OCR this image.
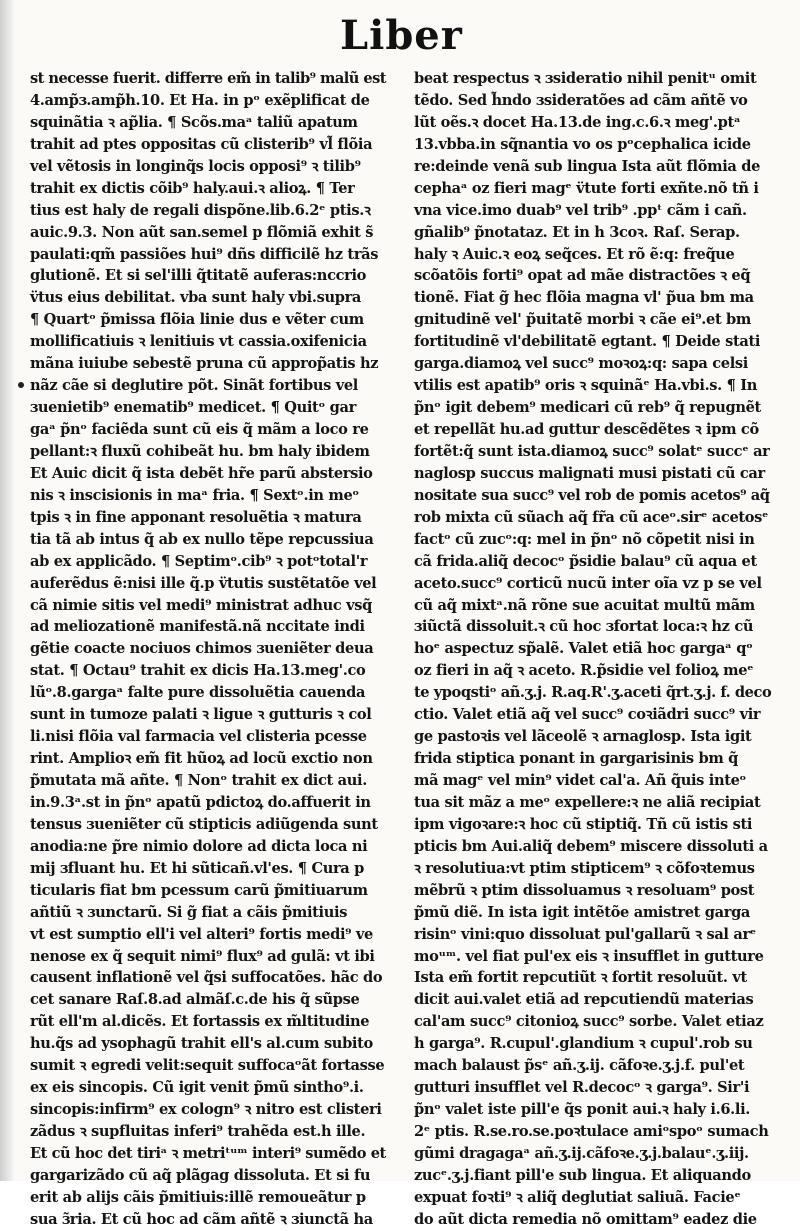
Liber
st necesse fuerit. differre em̃ in talib⁹ malũ est
4.amp̃ɜ.amp̃h.10. Et Ha. in pᵒ exẽplificat de
squinãtia ꝛ ap̃lia. ¶ Scõs.maᵃ taliũ apatum
trahit ad ptes oppositas cũ clisterib⁹ vl̃ flõia
vel vẽtosis in longinq̃s locis opposi⁹ ꝛ tilib⁹
trahit ex dictis cõib⁹ haly.aui.ꝛ alioꝝ. ¶ Ter
tius est haly de regali dispõne.lib.6.2ᵉ ptis.ꝛ
auic.9.3. Non aũt san.semel p flõmiã exhit s̃
paulati:qm̃ passiões hui⁹ dñs difficilẽ hz trãs
glutionẽ. Et si sel'illi q̃titatẽ auferas:nccrio
v̈tus eius debilitat. vba sunt haly vbi.supra
¶ Quartᵒ p̃missa flõia linie dus e vẽter cum
mollificatiuis ꝛ lenitiuis vt cassia.oxifenicia
mãna iuiube sebestẽ pruna cũ approp̃atis hz
nãz cãe si deglutire põt. Sinãt fortibus vel
ɜuenietib⁹ enematib⁹ medicet. ¶ Quitᵒ gar
gaᵃ p̃nᵒ faciẽda sunt cũ eis q̃ mãm a loco re
pellant:ꝛ fluxũ cohibeãt hu. bm haly ibidem
Et Auic dicit q̃ ista debẽt hr̃e parũ abstersio
nis ꝛ inscisionis in maᵃ fria. ¶ Sextᵒ.in meᵒ
tpis ꝛ in fine apponant resoluẽtia ꝛ matura
tia tã ab intus q̃ ab ex nullo tẽpe repcussiua
ab ex applicãdo. ¶ Septimᵒ.cib⁹ ꝛ potᵒtotal'r
auferẽdus ẽ:nisi ille q̃.p v̈tutis sustẽtatõe vel
cã nimie sitis vel medi⁹ ministrat adhuc vsq̃
ad meliozationẽ manifestã.nã nccitate indi
gẽtie coacte nociuos chimos ɜueniẽter deua
stat. ¶ Octau⁹ trahit ex dicis Ha.13.meg'.co
lũᵒ.8.gargaᵃ falte pure dissoluẽtia cauenda
sunt in tumoze palati ꝛ ligue ꝛ gutturis ꝛ col
li.nisi flõia val farmacia vel clisteria pcesse
rint. Amplioꝛ em̃ fit hũoꝝ ad locũ exctio non
p̃mutata mã añte. ¶ Nonᵒ trahit ex dict aui.
in.9.3ᵃ.st in p̃nᵒ apatũ pdictoꝝ do.affuerit in
tensus ɜueniẽter cũ stipticis adiũgenda sunt
anodia:ne p̃re nimio dolore ad dicta loca ni
mij ɜfluant hu. Et hi sũticañ.vl'es. ¶ Cura p
ticularis fiat bm pcessum carũ p̃mitiuarum
añtiũ ꝛ ɜunctarũ. Si g̃ fiat a cãis p̃mitiuis
vt est sumptio ell'i vel alteri⁹ fortis medi⁹ ve
nenose ex q̃ sequit nimi⁹ flux⁹ ad gulã: vt ibi
causent inflationẽ vel q̃si suffocatões. hãc do
cet sanare Raſ.8.ad almãſ.c.de his q̃ sũpse
rũt ell'm al.dicẽs. Et fortassis ex m̃ltitudine
hu.q̃s ad ysophagũ trahit ell's al.cum subito
sumit ꝛ egredi velit:sequit suffocaᵒãt fortasse
ex eis sincopis. Cũ igit venit p̃mũ sintho⁹.i.
sincopis:infirm⁹ ex cologn⁹ ꝛ nitro est clisteri
zãdus ꝛ supfluitas inferi⁹ trahẽda est.h ille.
Et cũ hoc det tiriᵃ ꝛ metriᵗᵘᵐ interi⁹ sumẽdo et
gargarizãdo cũ aq̃ plãgag dissoluta. Et si fu
erit ab alijs cãis p̃mitiuis:illẽ remoueãtur p
sua ɜ̃ria. Et cũ hoc ad cãm añtẽ ꝛ ɜiunctã ha
beat respectus ꝛ ɜsideratio nihil penitᵘ omit
tẽdo. Sed h̃ndo ɜsideratões ad cãm añtẽ vo
lũt oẽs.ꝛ docet Ha.13.de ing.c.6.ꝛ meg'.ptᵃ
13.vbba.in sq̃nantia vo os pᵒcephalica icide
re:deinde venã sub lingua Ista aũt flõmia de
cephaᵃ oz fieri magᵉ v̈tute forti exñte.nõ tñ i
vna vice.imo duab⁹ vel trib⁹ .ppᵗ cãm i cañ.
gñalib⁹ p̃notataz. Et in h 3coꝛ. Raſ. Serap.
haly ꝛ Auic.ꝛ eoꝝ seq̃ces. Et rõ ẽ:q: freq̃ue
scõatõis forti⁹ opat ad mãe distractões ꝛ eq̃
tionẽ. Fiat g̃ hec flõia magna vl' p̃ua bm ma
gnitudinẽ vel' p̃uitatẽ morbi ꝛ cãe ei⁹.et bm
fortitudinẽ vl'debilitatẽ egtant. ¶ Deide stati
garga.diamoꝝ vel succ⁹ moꝛoꝝ:q: sapa celsi
vtilis est apatib⁹ oris ꝛ squinãᵉ Ha.vbi.s. ¶ In
p̃nᵒ igit debem⁹ medicari cũ reb⁹ q̃ repugnẽt
et repellãt hu.ad guttur descẽdẽtes ꝛ ipm cõ
fortẽt:q̃ sunt ista.diamoꝝ succ⁹ solatᵉ succᵉ ar
naglosp succus malignati musi pistati cũ car
nositate sua succ⁹ vel rob de pomis acetos⁹ aq̃
rob mixta cũ sũach aq̃ fr̃a cũ aceᵒ.sirᵉ acetosᵉ
factᵒ cũ zucᵒ:q: mel in p̃nᵒ nõ cõpetit nisi in
cã frida.aliq̃ decocᵒ p̃sidie balau⁹ cũ aqua et
aceto.succ⁹ corticũ nucũ inter oĩa vz p se vel
cũ aq̃ mixtᵃ.nã rõne sue acuitat multũ mãm
ɜiũctã dissoluit.ꝛ cũ hoc ɜfortat loca:ꝛ hz cũ
hoᵉ aspectuz sp̃alẽ. Valet etiã hoc gargaᵃ qᵒ
oz fieri in aq̃ ꝛ aceto. R.p̃sidie vel folioꝝ meᵉ
te ypoqstiᵒ añ.ʒ.j. R.aq.R'.ʒ.aceti q̃rt.ʒ.j. f. deco
ctio. Valet etiã aq̃ vel succ⁹ coꝛiãdri succ⁹ vir
ge pastoꝛis vel lãceolẽ ꝛ arnaglosp. Ista igit
frida stiptica ponant in gargarisinis bm q̃
mã magᵉ vel min⁹ videt cal'a. Añ q̃uis inteᵒ
tua sit mãz a meᵒ expellere:ꝛ ne aliã recipiat
ipm vigoꝛare:ꝛ hoc cũ stiptiq̃. Tñ cũ istis sti
pticis bm Aui.aliq̃ debem⁹ miscere dissoluti a
ꝛ resolutiua:vt ptim stipticem⁹ ꝛ cõfoꝛtemus
mẽbrũ ꝛ ptim dissoluamus ꝛ resoluam⁹ post
p̃mũ diẽ. In ista igit intẽtõe amistret garga
risinᵒ vini:quo dissoluat pul'gallarũ ꝛ sal arᵉ
moᵘᵐ. vel fiat pul'ex eis ꝛ insufflet in gutture
Ista em̃ fortit repcutiũt ꝛ fortit resoluũt. vt
dicit aui.valet etiã ad repcutiendũ materias
cal'am succ⁹ citonioꝝ succ⁹ sorbe. Valet etiaz
h garga⁹. R.cupul'.glandium ꝛ cupul'.rob su
mach balaust p̃sᵉ añ.ʒ.ij. cãfoꝛe.ʒ.j.f. pul'et
gutturi insufflet vel R.decocᵒ ꝛ garga⁹. Sir'i
p̃nᵒ valet iste pill'e q̃s ponit aui.ꝛ haly i.6.li.
2ᵉ ptis. R.se.ro.se.poꝛtulace amiᵒspoᵒ sumach
gũmi dragagaᵃ añ.ʒ.ij.cãfoꝛe.ʒ.j.balauᵉ.ʒ.iij.
zucᵉ.ʒ.j.fiant pill'e sub lingua. Et aliquando
expuat foꝛti⁹ ꝛ aliq̃ deglutiat saliuã. Facieᵉ
do aũt dicta remedia nõ omittam⁹ eadez die
